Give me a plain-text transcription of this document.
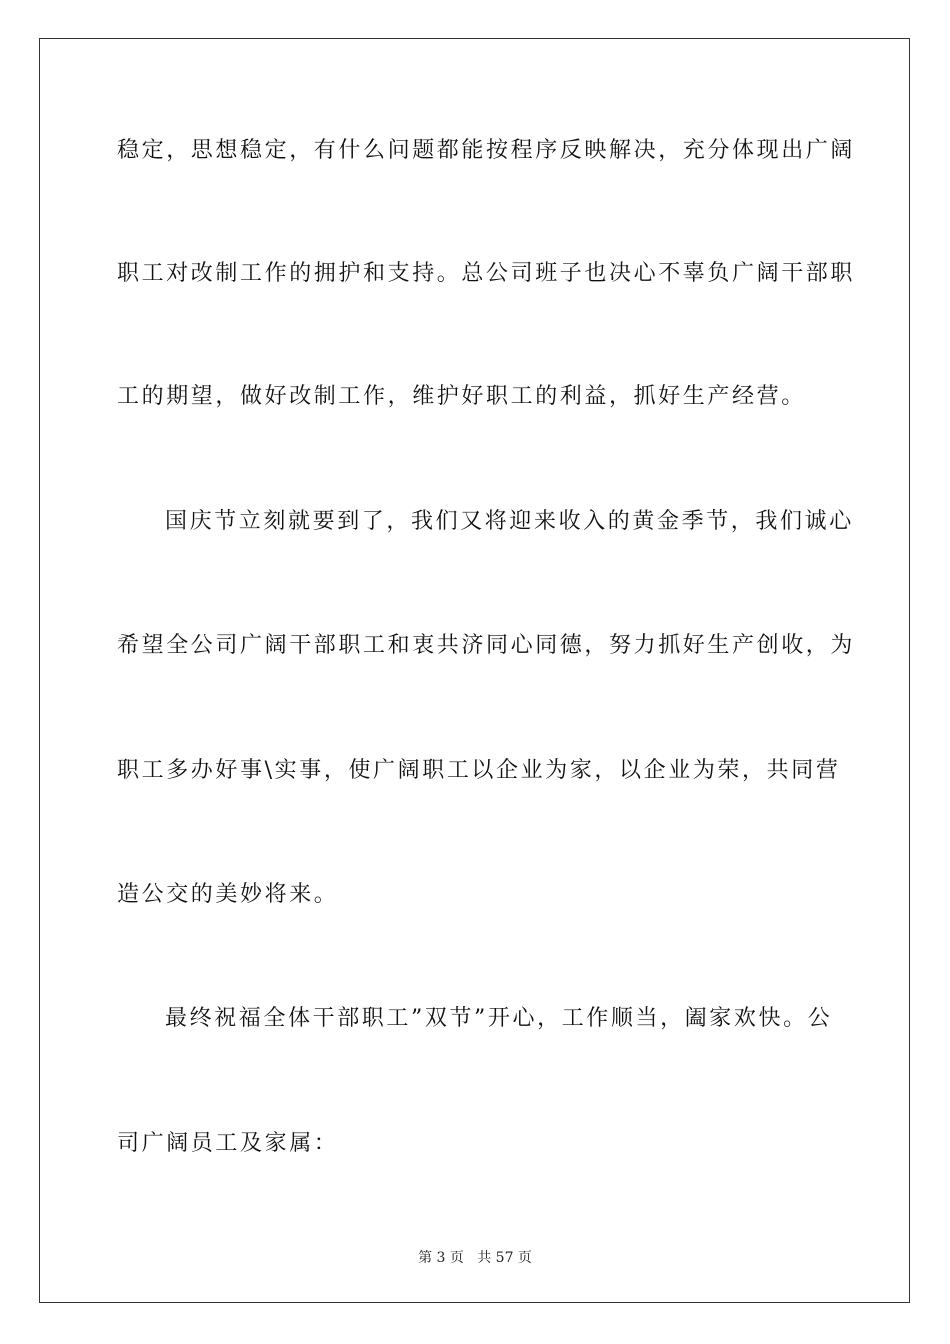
稳定，思想稳定，有什么问题都能按程序反映解决，充分体现出广阔

职工对改制工作的拥护和支持。总公司班子也决心不辜负广阔干部职

工的期望，做好改制工作，维护好职工的利益，抓好生产经营。

国庆节立刻就要到了，我们又将迎来收入的黄金季节，我们诚心

希望全公司广阔干部职工和衷共济同心同德，努力抓好生产创收，为

职工多办好事\实事，使广阔职工以企业为家，以企业为荣，共同营

造公交的美妙将来。

最终祝福全体干部职工”双节”开心，工作顺当，阖家欢快。公

司广阔员工及家属：

第 3 页   共 57 页
